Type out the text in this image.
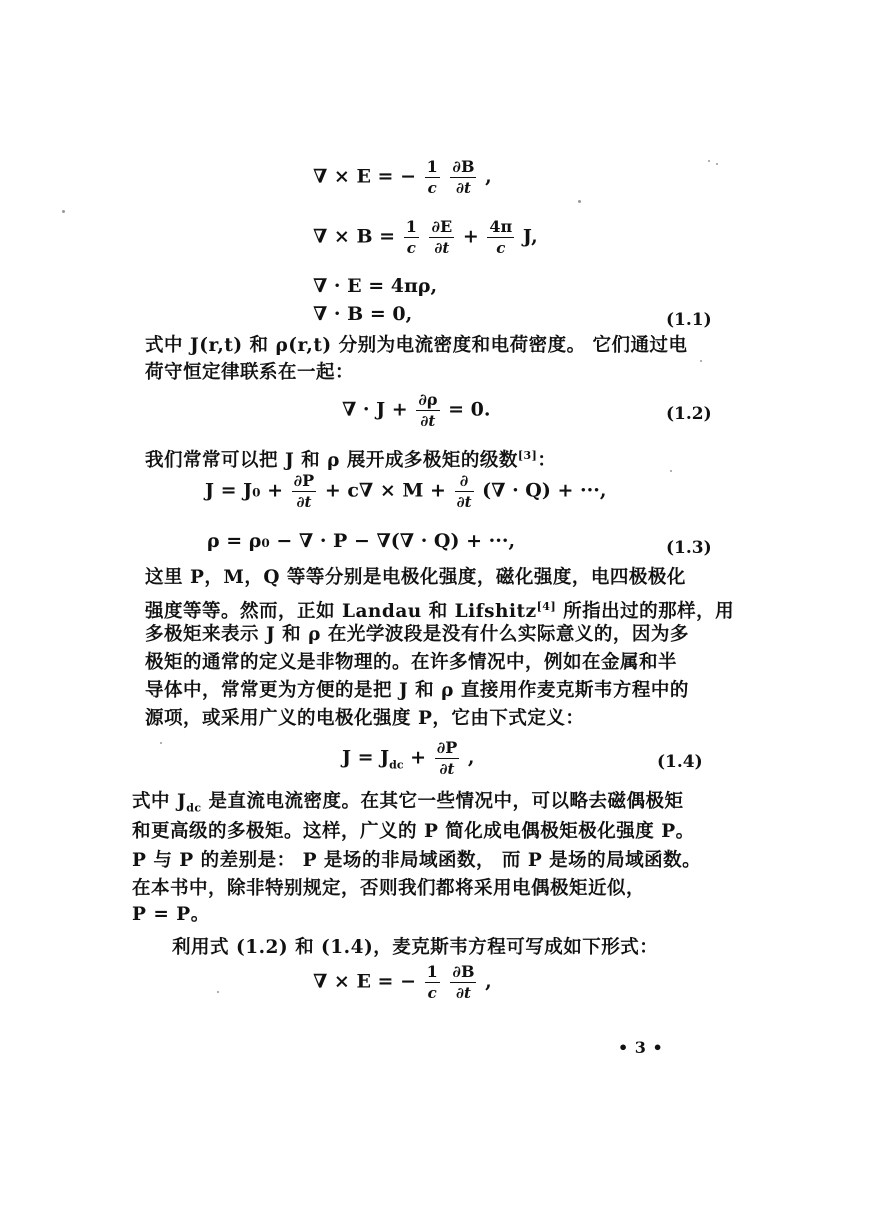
∇ × E = − $\frac{1}{c}$
$\frac{\partial B}{\partial t}$ ,
∇ × $B = \frac{1}{c}$
$\frac{\partial E}{\partial t} + \frac{4\pi}{c} J$,
∇ · E = 4πρ,
∇ · B = 0,	(1.1)
式中 J(r,t) 和 ρ(r,t) 分别为电流密度和电荷密度。 它们通过电
荷守恒定律联系在一起：
∇ · $J + \frac{\partial\rho}{\partial t} = 0$.	(1.2)
我们常常可以把 J 和 ρ 展开成多极矩的级数[3]：
$J = J_0 + \frac{\partial P}{\partial t} + c\nabla \times M + \frac{\partial}{\partial t}$ (∇ · Q) + ···,
ρ = ρ₀ − ∇ · P − ∇(∇ · Q) + ···,	(1.3)
这里 P，M，Q 等等分别是电极化强度，磁化强度，电四极极化
强度等等。然而，正如 Landau 和 Lifshitz[4] 所指出过的那样，用
多极矩来表示 J 和 ρ 在光学波段是没有什么实际意义的，因为多
极矩的通常的定义是非物理的。在许多情况中，例如在金属和半
导体中，常常更为方便的是把 J 和 ρ 直接用作麦克斯韦方程中的
源项，或采用广义的电极化强度 P，它由下式定义：
$J = J_{dc} + \frac{\partial P}{\partial t}$ ,	(1.4)
式中 $J_{dc}$ 是直流电流密度。在其它一些情况中，可以略去磁偶极矩
和更高级的多极矩。这样，广义的 P 简化成电偶极矩极化强度 P。
P 与 P 的差别是： P 是场的非局域函数， 而 P 是场的局域函数。
在本书中，除非特别规定，否则我们都将采用电偶极矩近似，
P = P。
利用式 (1.2) 和 (1.4)，麦克斯韦方程可写成如下形式：
∇ × E = − $\frac{1}{c}$
$\frac{\partial B}{\partial t}$ ,
• 3 •
